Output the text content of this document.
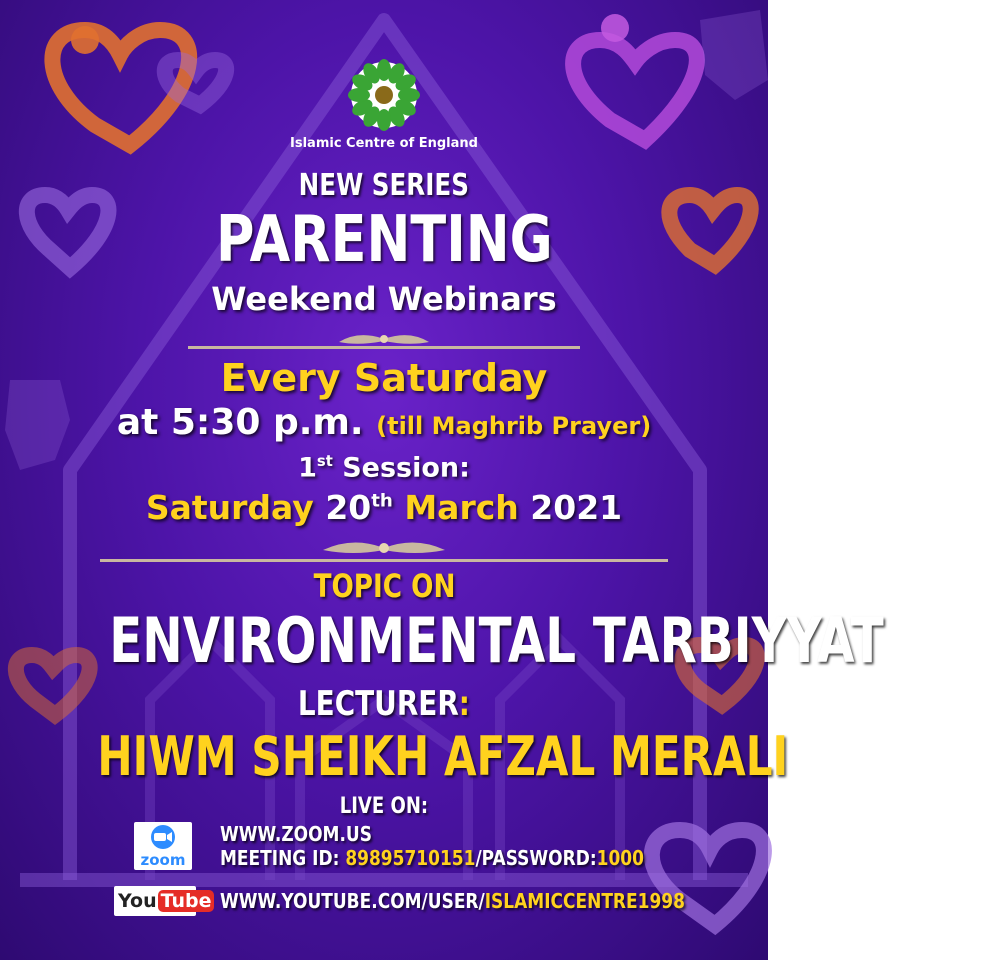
Islamic Centre of England
NEW SERIES
PARENTING
Weekend Webinars
Every Saturday
at 5:30 p.m. (till Maghrib Prayer)
1st Session:
Saturday 20th March 2021
TOPIC ON
ENVIRONMENTAL TARBIYYAT
LECTURER:
HIWM SHEIKH AFZAL MERALI
LIVE ON:
zoom
WWW.ZOOM.US
MEETING ID: 89895710151/PASSWORD:1000
You Tube WWW.YOUTUBE.COM/USER/ISLAMICCENTRE1998
